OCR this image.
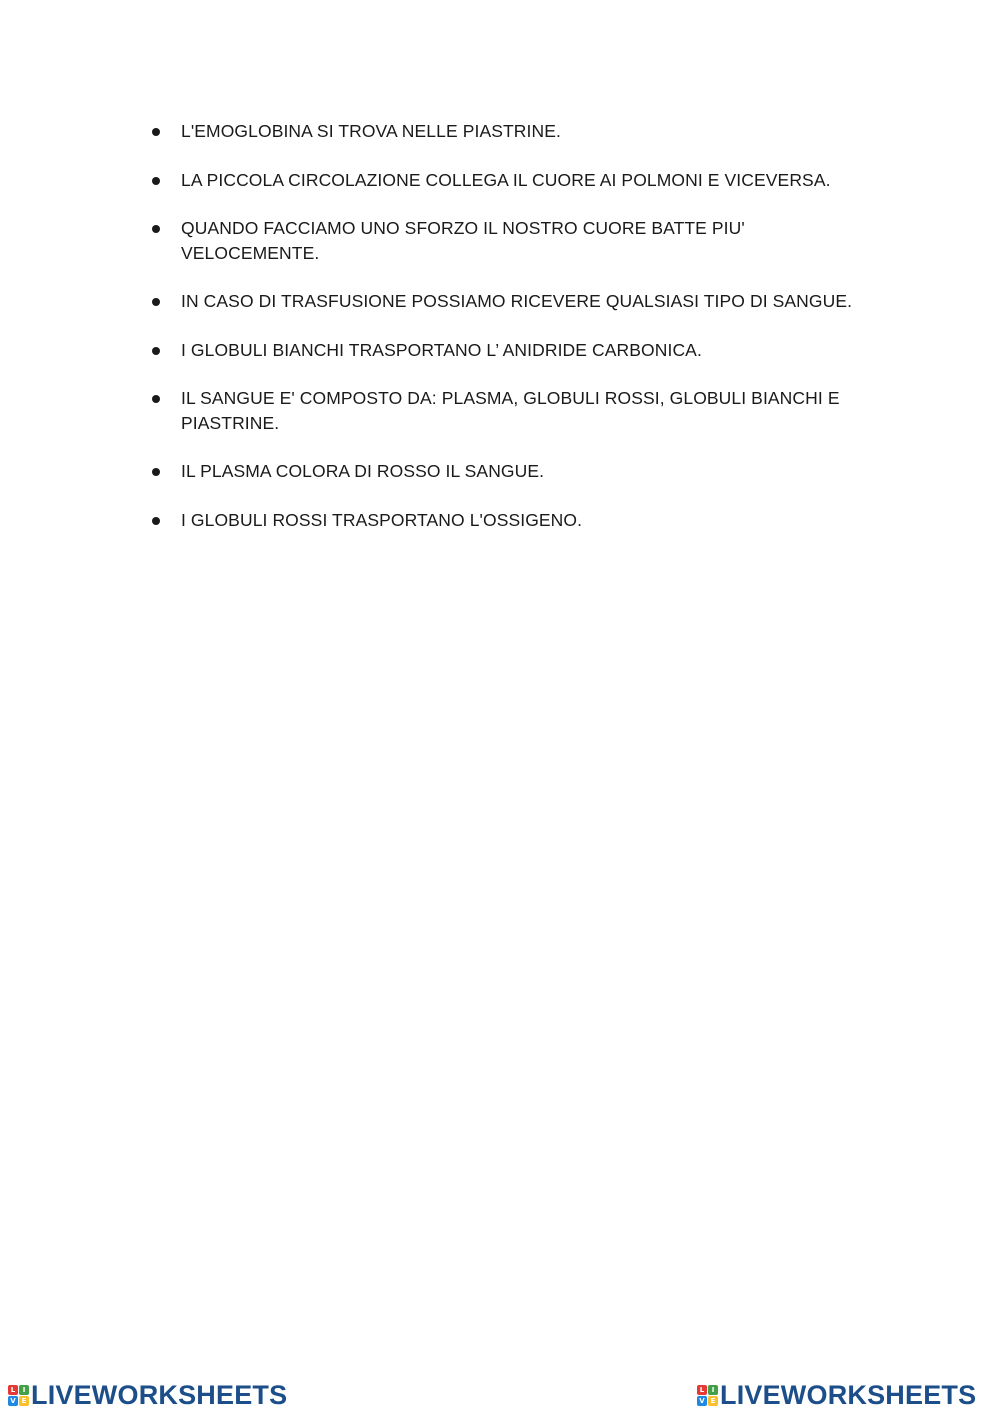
L'EMOGLOBINA SI TROVA NELLE PIASTRINE.
LA PICCOLA CIRCOLAZIONE COLLEGA IL CUORE AI POLMONI E VICEVERSA.
QUANDO FACCIAMO UNO SFORZO IL NOSTRO CUORE BATTE PIU' VELOCEMENTE.
IN CASO DI TRASFUSIONE POSSIAMO RICEVERE QUALSIASI TIPO DI SANGUE.
I GLOBULI BIANCHI TRASPORTANO L’ ANIDRIDE CARBONICA.
IL SANGUE E' COMPOSTO DA: PLASMA, GLOBULI ROSSI, GLOBULI BIANCHI E PIASTRINE.
IL PLASMA COLORA DI ROSSO IL SANGUE.
I GLOBULI ROSSI TRASPORTANO L'OSSIGENO.
L	I
V E LIVEWORKSHEETS	L	I
V E LIVEWORKSHEETS
